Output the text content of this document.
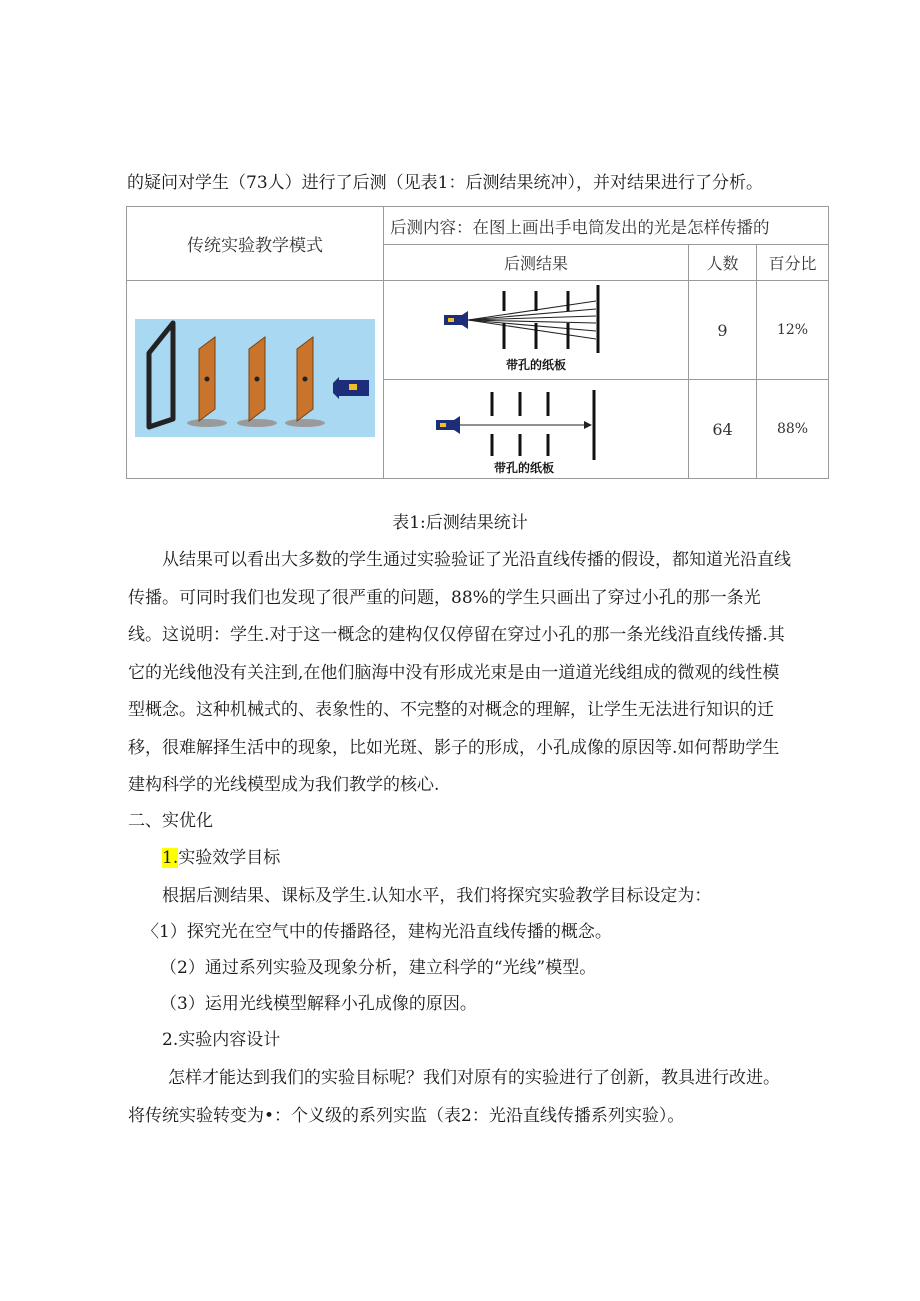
的疑问对学生（73人）进行了后测（见表1：后测结果统冲），并对结果进行了分析。
传统实验教学模式	后测内容：在图上画出手电筒发出的光是怎样传播的		
	后测结果	人数	百分比

带孔的纸板	9	12%

带孔的纸板	64	88%
表1:后测结果统计
从结果可以看出大多数的学生通过实验验证了光沿直线传播的假设，都知道光沿直线传播。可同时我们也发现了很严重的问题，88%的学生只画出了穿过小孔的那一条光线。这说明：学生.对于这一概念的建构仅仅停留在穿过小孔的那一条光线沿直线传播.其它的光线他没有关注到,在他们脑海中没有形成光束是由一道道光线组成的微观的线性模型概念。这种机械式的、表象性的、不完整的对概念的理解，让学生无法进行知识的迁移，很难解择生活中的现象，比如光斑、影子的形成，小孔成像的原因等.如何帮助学生建构科学的光线模型成为我们教学的核心.
二、实优化
1.实验效学目标
根据后测结果、课标及学生.认知水平，我们将探究实验教学目标设定为：
〈1）探究光在空气中的传播路径，建构光沿直线传播的概念。
（2）通过系列实验及现象分析，建立科学的“光线”模型。
（3）运用光线模型解释小孔成像的原因。
2.实验内容设计
怎样才能达到我们的实验目标呢？我们对原有的实验进行了创新，教具进行改进。将传统实验转变为•：个义级的系列实监（表2：光沿直线传播系列实验）。
